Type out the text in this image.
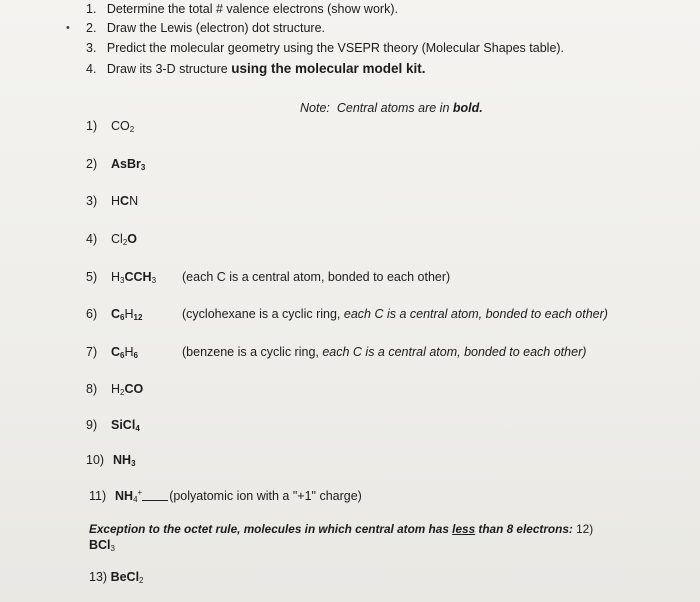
1. Determine the total # valence electrons (show work).
• 2. Draw the Lewis (electron) dot structure.
3. Predict the molecular geometry using the VSEPR theory (Molecular Shapes table).
4. Draw its 3-D structure using the molecular model kit.
Note: Central atoms are in bold.
1) $CO_2$
2) AsBr$_3$
3) HCN
4) $Cl_2O$
5) $H_3CCH_3$ (each C is a central atom, bonded to each other)
6) $C_6H_{12}$	(cyclohexane is a cyclic ring, each C is a central atom, bonded to each other)
7) $C_6H_6$	(benzene is a cyclic ring, each C is a central atom, bonded to each other)
8) $H_2CO$
9) SiCl$_4$
10) $NH_3$
11) $NH_4^+$ (polyatomic ion with a "+1" charge)
Exception to the octet rule, molecules in which central atom has less than 8 electrons: 12)
BCl$_3$
13) BeCl$_2$
